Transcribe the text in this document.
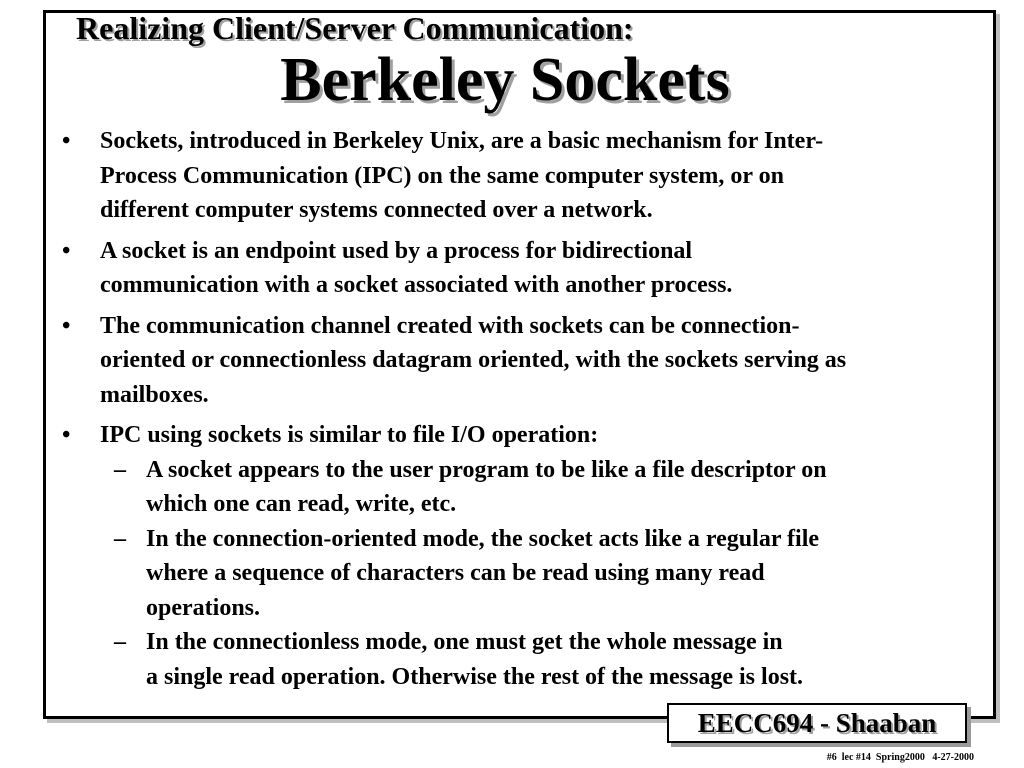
Realizing Client/Server Communication:
Berkeley Sockets
• Sockets, introduced in Berkeley Unix, are a basic mechanism for Inter-
Process Communication (IPC) on the same computer system, or on
different computer systems connected over a network.
• A socket is an endpoint used by a process for bidirectional
communication with a socket associated with another process.
• The communication channel created with sockets can be connection-
oriented or connectionless datagram oriented, with the sockets serving as
mailboxes.
• IPC using sockets is similar to file I/O operation:
– A socket appears to the user program to be like a file descriptor on
which one can read, write, etc.
– In the connection-oriented mode, the socket acts like a regular file
where a sequence of characters can be read using many read
operations.
– In the connectionless mode, one must get the whole message in
a single read operation. Otherwise the rest of the message is lost.
EECC694 - Shaaban
#6  lec #14  Spring2000   4-27-2000
